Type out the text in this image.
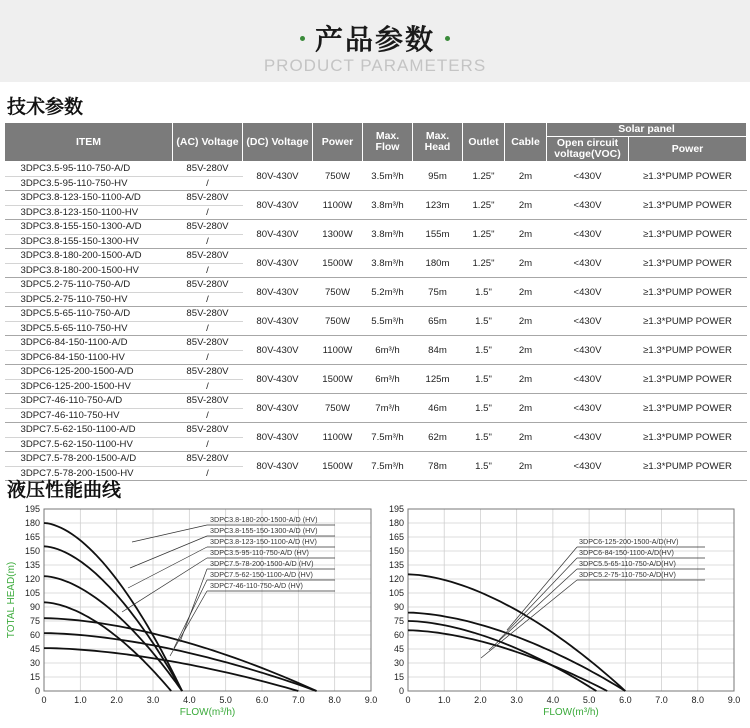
产品参数
PRODUCT PARAMETERS
技术参数
ITEM	(AC) Voltage	(DC) Voltage	Power	Max. Flow	Max. Head	Outlet	Cable	Solar panel	
								Open circuit voltage(VOC)	Power
3DPC3.5-95-110-750-A/D	85V-280V	80V-430V	750W	3.5m³/h	95m	1.25"	2m	<430V	≥1.3*PUMP POWER
3DPC3.5-95-110-750-HV	/								
3DPC3.8-123-150-1100-A/D	85V-280V	80V-430V	1100W	3.8m³/h	123m	1.25"	2m	<430V	≥1.3*PUMP POWER
3DPC3.8-123-150-1100-HV	/								
3DPC3.8-155-150-1300-A/D	85V-280V	80V-430V	1300W	3.8m³/h	155m	1.25"	2m	<430V	≥1.3*PUMP POWER
3DPC3.8-155-150-1300-HV	/								
3DPC3.8-180-200-1500-A/D	85V-280V	80V-430V	1500W	3.8m³/h	180m	1.25"	2m	<430V	≥1.3*PUMP POWER
3DPC3.8-180-200-1500-HV	/								
3DPC5.2-75-110-750-A/D	85V-280V	80V-430V	750W	5.2m³/h	75m	1.5"	2m	<430V	≥1.3*PUMP POWER
3DPC5.2-75-110-750-HV	/								
3DPC5.5-65-110-750-A/D	85V-280V	80V-430V	750W	5.5m³/h	65m	1.5"	2m	<430V	≥1.3*PUMP POWER
3DPC5.5-65-110-750-HV	/								
3DPC6-84-150-1100-A/D	85V-280V	80V-430V	1100W	6m³/h	84m	1.5"	2m	<430V	≥1.3*PUMP POWER
3DPC6-84-150-1100-HV	/								
3DPC6-125-200-1500-A/D	85V-280V	80V-430V	1500W	6m³/h	125m	1.5"	2m	<430V	≥1.3*PUMP POWER
3DPC6-125-200-1500-HV	/								
3DPC7-46-110-750-A/D	85V-280V	80V-430V	750W	7m³/h	46m	1.5"	2m	<430V	≥1.3*PUMP POWER
3DPC7-46-110-750-HV	/								
3DPC7.5-62-150-1100-A/D	85V-280V	80V-430V	1100W	7.5m³/h	62m	1.5"	2m	<430V	≥1.3*PUMP POWER
3DPC7.5-62-150-1100-HV	/								
3DPC7.5-78-200-1500-A/D	85V-280V	80V-430V	1500W	7.5m³/h	78m	1.5"	2m	<430V	≥1.3*PUMP POWER
3DPC7.5-78-200-1500-HV	/								
液压性能曲线
0
15
30
45
60
75
90
105
120
135
150
165
180
195
0	1.0	2.0	3.0	4.0	5.0	6.0	7.0	8.0	9.0
FLOW(m³/h)
TOTAL HEAD(m)
3DPC3.8-180-200-1500-A/D (HV)
3DPC3.8-155-150-1300-A/D (HV)
3DPC3.8-123-150-1100-A/D (HV)
3DPC3.5-95-110-750-A/D (HV)
3DPC7.5-78-200-1500-A/D (HV)
3DPC7.5-62-150-1100-A/D (HV)
3DPC7-46-110-750-A/D (HV)
0
15
30
45
60
75
90
105
120
135
150
165
180
195
0	1.0	2.0	3.0	4.0	5.0	6.0	7.0	8.0	9.0
FLOW(m³/h)
3DPC6-125-200-1500-A/D(HV)
3DPC6-84-150-1100-A/D(HV)
3DPC5.5-65-110-750-A/D(HV)
3DPC5.2-75-110-750-A/D(HV)
